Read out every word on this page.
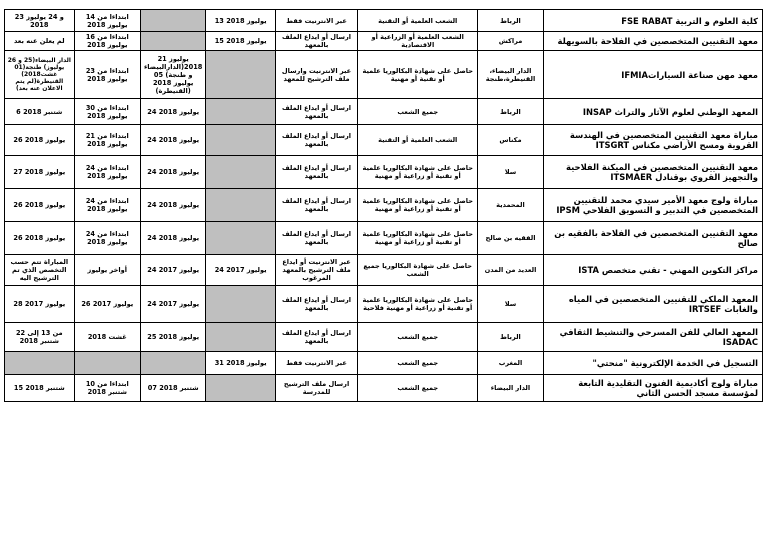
23 و 24 يوليوز 2018	ابتداءا من 14 يوليوز 2018		13 يوليوز 2018	عبر الانترنيت فقط	الشعب العلمية أو التقنية	الرباط	كلية العلوم و التربية FSE RABAT
لم يعلن عنه بعد	ابتداءا من 16 يوليوز 2018		15 يوليوز 2018	ارسال أو ايداع الملف بالمعهد	الشعب العلمية أو الزراعية أو الاقتصادية	مراكش	معهد التقنيين المتخصصين في الفلاحة بالسويهلة
الدار البيضاء(25 و 26 يوليوز) طنجة(01 غشت2018) القنيطرة(لم يتم الاعلان عنه بعد)	ابتداءا من 23 يوليوز 2018	21 يوليوز 2018(الدارالبيضاء و طنجة) 05 يوليوز 2018 (القنيطرة)		عبر الانترنيت وارسال ملف الترشيح للمعهد	حاصل على شهادة البكالوريا علمية أو تقنية أو مهنية	الدار البيضاء، القنيطرة،طنجة	معهد مهن صناعة السياراتIFMIA
6 شتنبر 2018	ابتداءا من 30 يوليوز 2018	24 يوليوز 2018		ارسال أو ايداع الملف بالمعهد	جميع الشعب	الرباط	المعهد الوطني لعلوم الآثار والتراث INSAP
26 يوليوز 2018	ابتداءا من 21 يوليوز 2018	24 يوليوز 2018		ارسال أو ايداع الملف بالمعهد	الشعب العلمية أو التقنية	مكناس	مباراة معهد التقنيين المتخصصين في الهندسة القروية ومسح الأراضي مكناس ITSGRT
27 يوليوز 2018	ابتداءا من 24 يوليوز 2018	24 يوليوز 2018		ارسال أو ايداع الملف بالمعهد	حاصل على شهادة البكالوريا علمية أو تقنية أو زراعية أو مهنية	سلا	معهد التقنيين المتخصصين في الميكنة الفلاحية والتجهيز القروي بوقنادل ITSMAER
26 يوليوز 2018	ابتداءا من 24 يوليوز 2018	24 يوليوز 2018		ارسال أو ايداع الملف بالمعهد	حاصل على شهادة البكالوريا علمية أو تقنية أو زراعية أو مهنية	المحمدية	مباراة ولوج معهد الأمير سيدي محمد للتقنيين المتخصصين في التدبير و التسويق الفلاحي IPSM
26 يوليوز 2018	ابتداءا من 24 يوليوز 2018	24 يوليوز 2018		ارسال أو ايداع الملف بالمعهد	حاصل على شهادة البكالوريا علمية أو تقنية أو زراعية أو مهنية	الفقيه بن صالح	معهد التقنيين المتخصصين في الفلاحة بالفقيه بن صالح
المباراة تتم حسب التخصص الذي تم الترشيح اليه	أواخر يوليوز	24 يوليوز 2017	24 يوليوز 2017	عبر الانترنيت أو ايداع ملف الترشيح بالمعهد المرغوب	حاصل على شهادة البكالوريا جميع الشعب	العديد من المدن	مراكز التكوين المهني - تقني متخصص ISTA
28 يوليوز 2017	26 يوليوز 2017	24 يوليوز 2017		ارسال أو ايداع الملف بالمعهد	حاصل على شهادة البكالوريا علمية أو تقنية أو زراعية أو مهنية فلاحية	سلا	المعهد الملكي للتقنيين المتخصصين في المياه والغابات IRTSEF
من 13 إلى 22 شتنبر 2018	غشت 2018	25 يوليوز 2018		ارسال أو ايداع الملف بالمعهد	جميع الشعب	الرباط	المعهد العالي للفن المسرحي والتنشيط الثقافي ISADAC
			31 يوليوز 2018	عبر الانترنيت فقط	جميع الشعب	المغرب	التسجيل في الخدمة الإلكترونية "منحتي"
15 شتنبر 2018	ابتداءا من 10 شتنبر 2018	07 شتنبر 2018		ارسال ملف الترشيح للمدرسة	جميع الشعب	الدار البيضاء	مباراة ولوج أكاديمية الفنون التقليدية التابعة لمؤسسة مسجد الحسن الثاني
